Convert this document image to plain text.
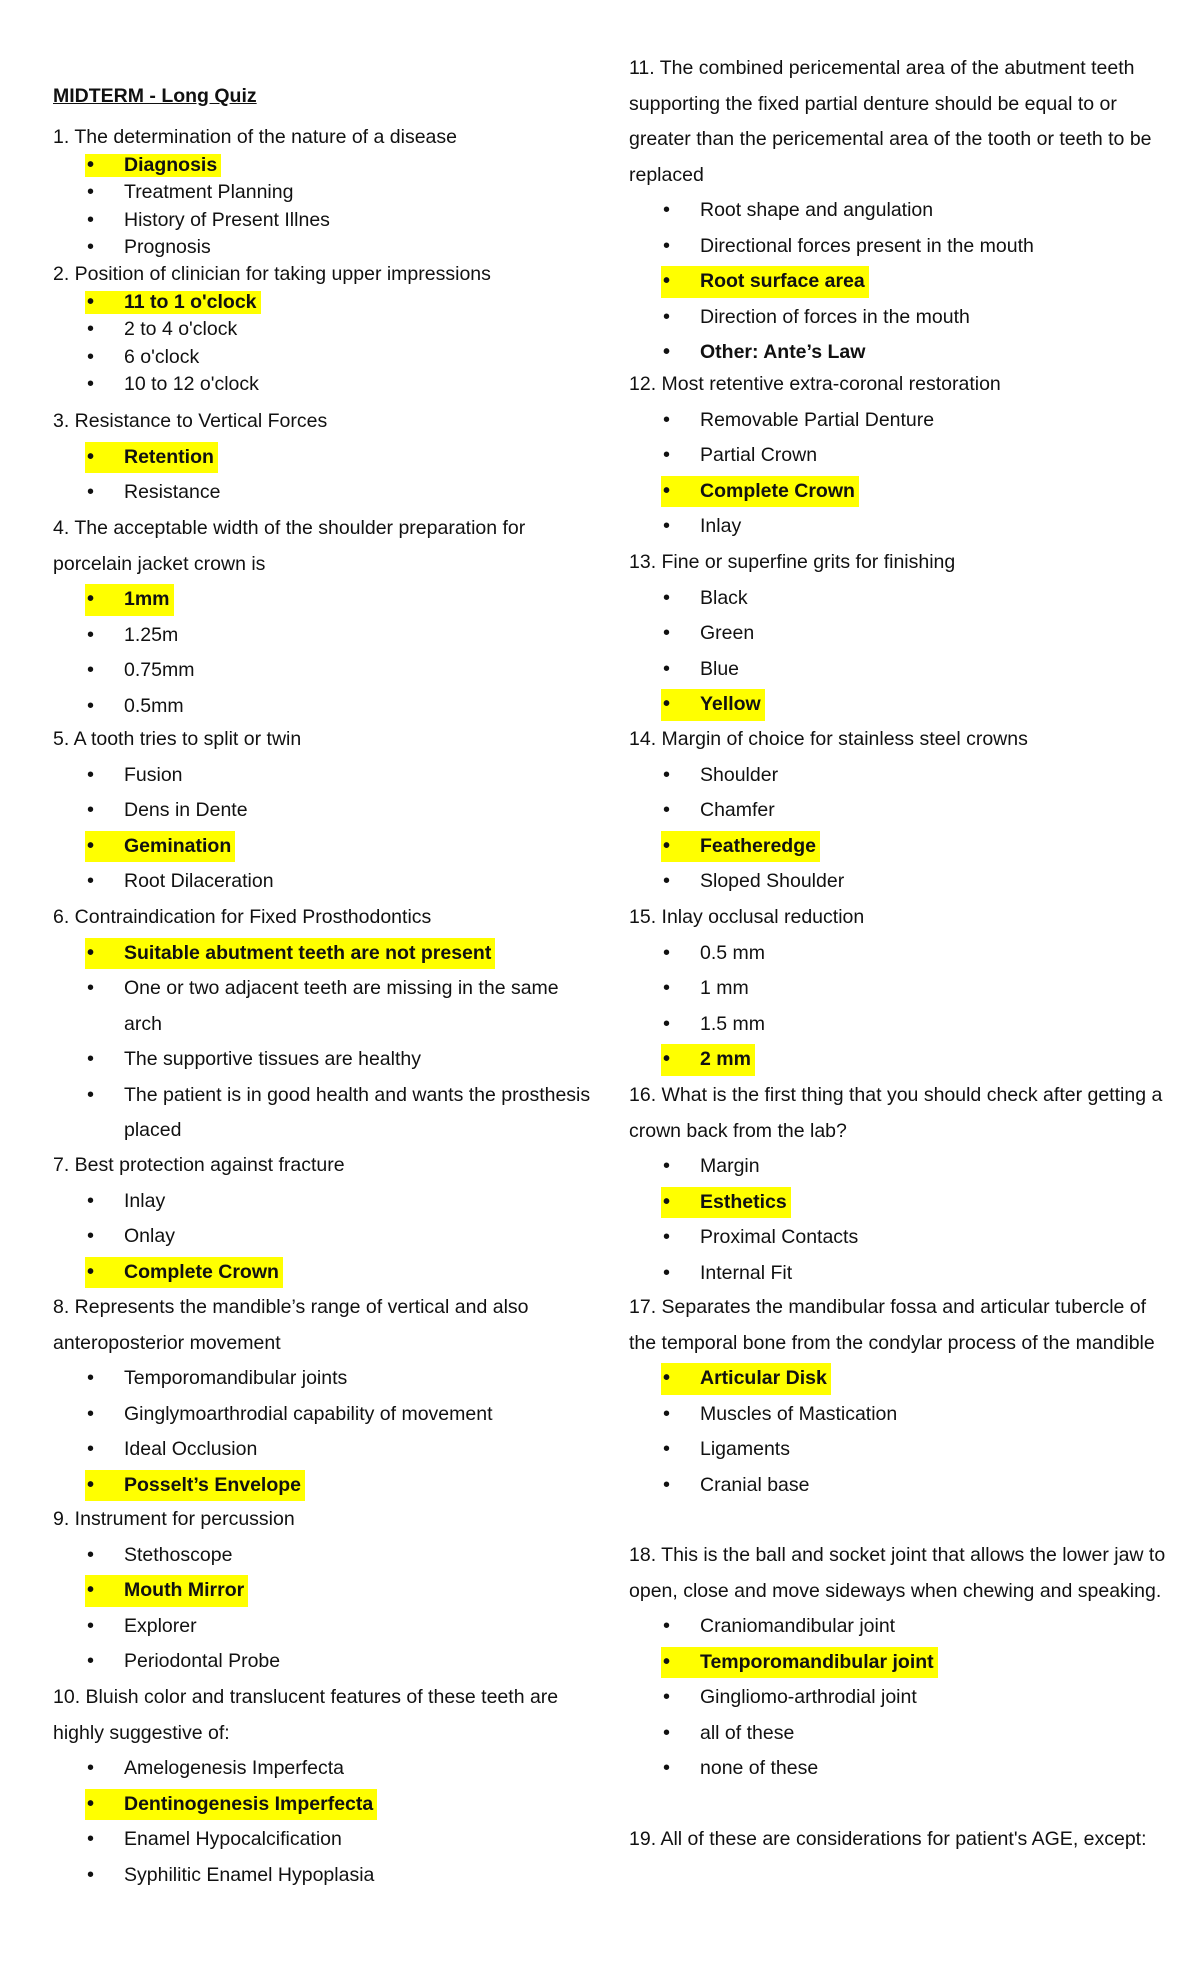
MIDTERM - Long Quiz

1. The determination of the nature of a disease

• Diagnosis
• Treatment Planning
• History of Present Illnes
• Prognosis

2. Position of clinician for taking upper impressions

• 11 to 1 o'clock
• 2 to 4 o'clock
• 6 o'clock
• 10 to 12 o'clock

3. Resistance to Vertical Forces

• Retention
• Resistance

4. The acceptable width of the shoulder preparation for porcelain jacket crown is

• 1mm
• 1.25m
• 0.75mm
• 0.5mm

5. A tooth tries to split or twin

• Fusion
• Dens in Dente
• Gemination
• Root Dilaceration

6. Contraindication for Fixed Prosthodontics

• Suitable abutment teeth are not present
• One or two adjacent teeth are missing in the same arch
• The supportive tissues are healthy
• The patient is in good health and wants the prosthesis placed

7. Best protection against fracture

• Inlay
• Onlay
• Complete Crown

8. Represents the mandible’s range of vertical and also anteroposterior movement

• Temporomandibular joints
• Ginglymoarthrodial capability of movement
• Ideal Occlusion
• Posselt’s Envelope

9. Instrument for percussion

• Stethoscope
• Mouth Mirror
• Explorer
• Periodontal Probe

10. Bluish color and translucent features of these teeth are highly suggestive of:

• Amelogenesis Imperfecta
• Dentinogenesis Imperfecta
• Enamel Hypocalcification
• Syphilitic Enamel Hypoplasia

11. The combined pericemental area of the abutment teeth supporting the fixed partial denture should be equal to or greater than the pericemental area of the tooth or teeth to be replaced

• Root shape and angulation
• Directional forces present in the mouth
• Root surface area
• Direction of forces in the mouth
• Other: Ante’s Law

12. Most retentive extra-coronal restoration

• Removable Partial Denture
• Partial Crown
• Complete Crown
• Inlay

13. Fine or superfine grits for finishing

• Black
• Green
• Blue
• Yellow

14. Margin of choice for stainless steel crowns

• Shoulder
• Chamfer
• Featheredge
• Sloped Shoulder

15. Inlay occlusal reduction

• 0.5 mm
• 1 mm
• 1.5 mm
• 2 mm

16. What is the first thing that you should check after getting a crown back from the lab?

• Margin
• Esthetics
• Proximal Contacts
• Internal Fit

17. Separates the mandibular fossa and articular tubercle of the temporal bone from the condylar process of the mandible

• Articular Disk
• Muscles of Mastication
• Ligaments
• Cranial base

18. This is the ball and socket joint that allows the lower jaw to open, close and move sideways when chewing and speaking.

• Craniomandibular joint
• Temporomandibular joint
• Gingliomo-arthrodial joint
• all of these
• none of these

19. All of these are considerations for patient's AGE, except:
